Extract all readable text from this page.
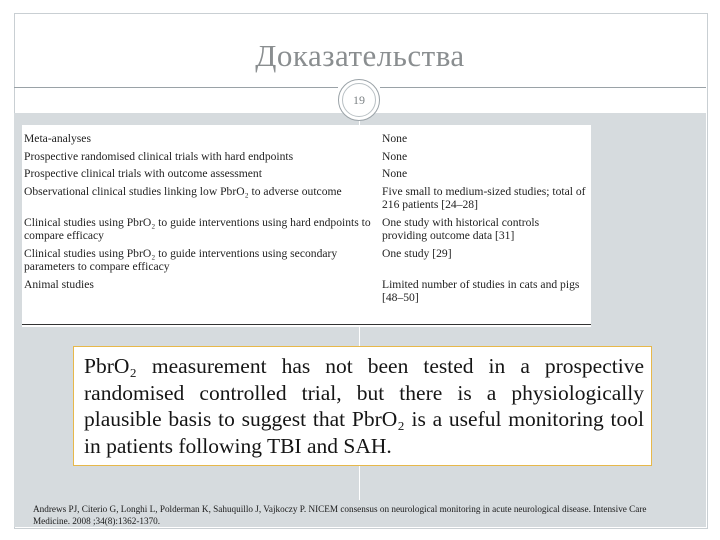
Доказательства
19
Meta-analyses	None
Prospective randomised clinical trials with hard endpoints	None
Prospective clinical trials with outcome assessment	None
Observational clinical studies linking low PbrO₂ to adverse outcome	Five small to medium-sized studies; total of 216 patients [24–28]
Clinical studies using PbrO₂ to guide interventions using hard endpoints to compare efficacy	One study with historical controls providing outcome data [31]
Clinical studies using PbrO₂ to guide interventions using secondary parameters to compare efficacy	One study [29]
Animal studies	Limited number of studies in cats and pigs [48–50]

PbrO₂ measurement has not been tested in a prospective randomised controlled trial, but there is a physiologically plausible basis to suggest that PbrO₂ is a useful monitoring tool in patients following TBI and SAH.

Andrews PJ, Citerio G, Longhi L, Polderman K, Sahuquillo J, Vajkoczy P. NICEM consensus on neurological monitoring in acute neurological disease. Intensive Care Medicine. 2008 ;34(8):1362-1370.
